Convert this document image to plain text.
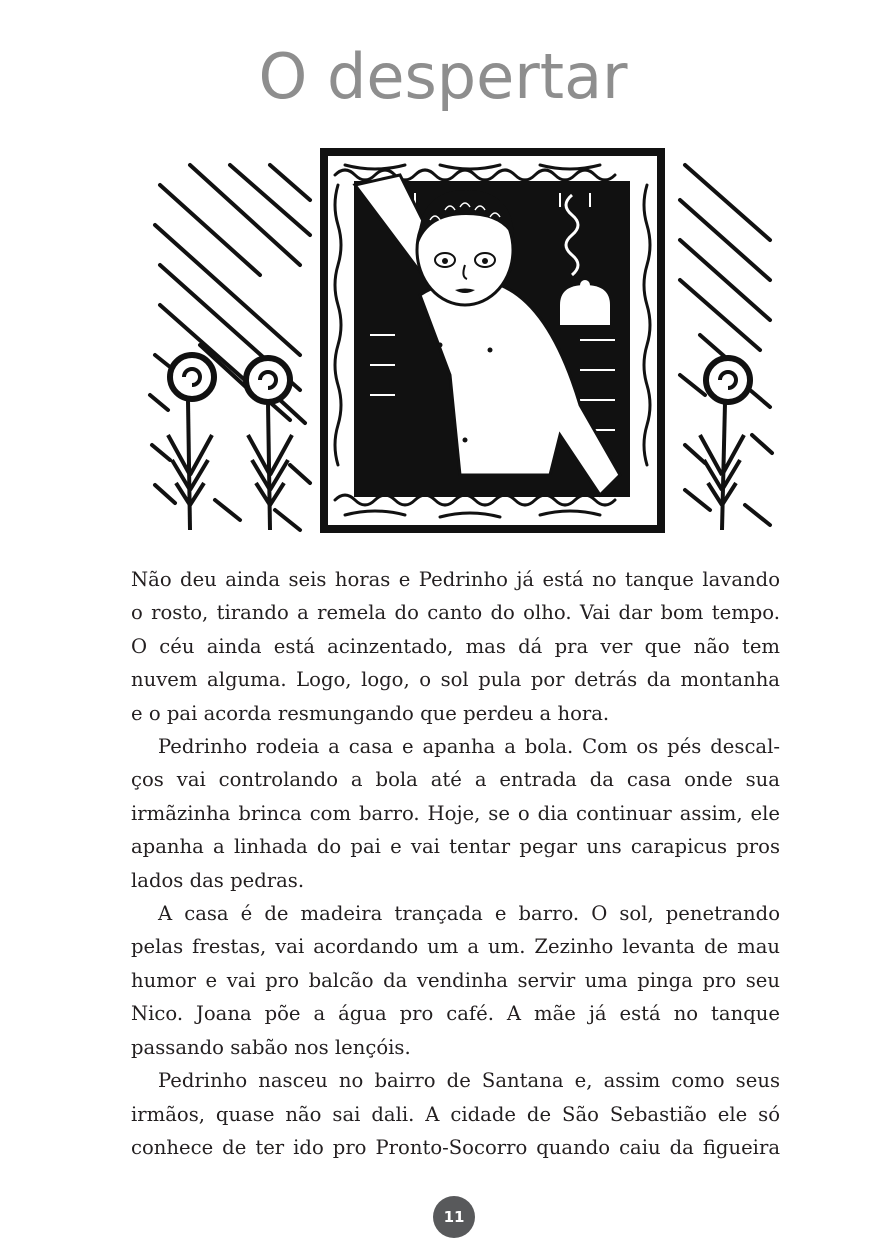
O despertar

Não deu ainda seis horas e Pedrinho já está no tanque lavando
o rosto, tirando a remela do canto do olho. Vai dar bom tempo.
O céu ainda está acinzentado, mas dá pra ver que não tem
nuvem alguma. Logo, logo, o sol pula por detrás da montanha
e o pai acorda resmungando que perdeu a hora.

Pedrinho rodeia a casa e apanha a bola. Com os pés descal-
ços vai controlando a bola até a entrada da casa onde sua
irmãzinha brinca com barro. Hoje, se o dia continuar assim, ele
apanha a linhada do pai e vai tentar pegar uns carapicus pros
lados das pedras.

A casa é de madeira trançada e barro. O sol, penetrando
pelas frestas, vai acordando um a um. Zezinho levanta de mau
humor e vai pro balcão da vendinha servir uma pinga pro seu
Nico. Joana põe a água pro café. A mãe já está no tanque
passando sabão nos lençóis.

Pedrinho nasceu no bairro de Santana e, assim como seus
irmãos, quase não sai dali. A cidade de São Sebastião ele só
conhece de ter ido pro Pronto-Socorro quando caiu da figueira

11
